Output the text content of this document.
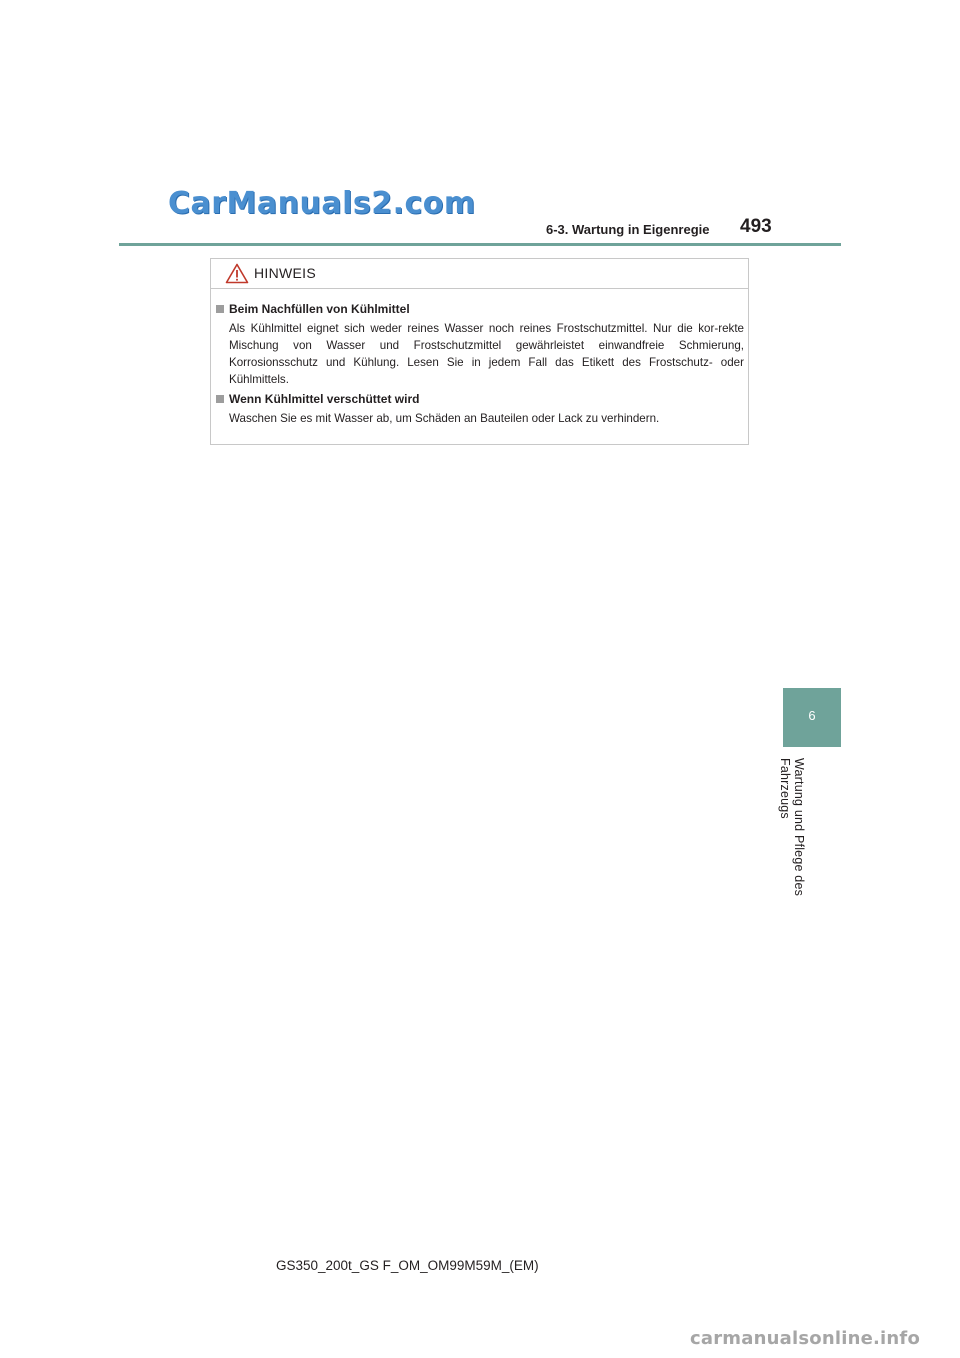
CarManuals2.com
6-3. Wartung in Eigenregie 493
HINWEIS
Beim Nachfüllen von Kühlmittel
Als Kühlmittel eignet sich weder reines Wasser noch reines Frostschutzmittel. Nur die kor-rekte Mischung von Wasser und Frostschutzmittel gewährleistet einwandfreie Schmierung, Korrosionsschutz und Kühlung. Lesen Sie in jedem Fall das Etikett des Frostschutz- oder Kühlmittels.
Wenn Kühlmittel verschüttet wird
Waschen Sie es mit Wasser ab, um Schäden an Bauteilen oder Lack zu verhindern.
6
Wartung und Pflege des Fahrzeugs
GS350_200t_GS F_OM_OM99M59M_(EM)
carmanualsonline.info
